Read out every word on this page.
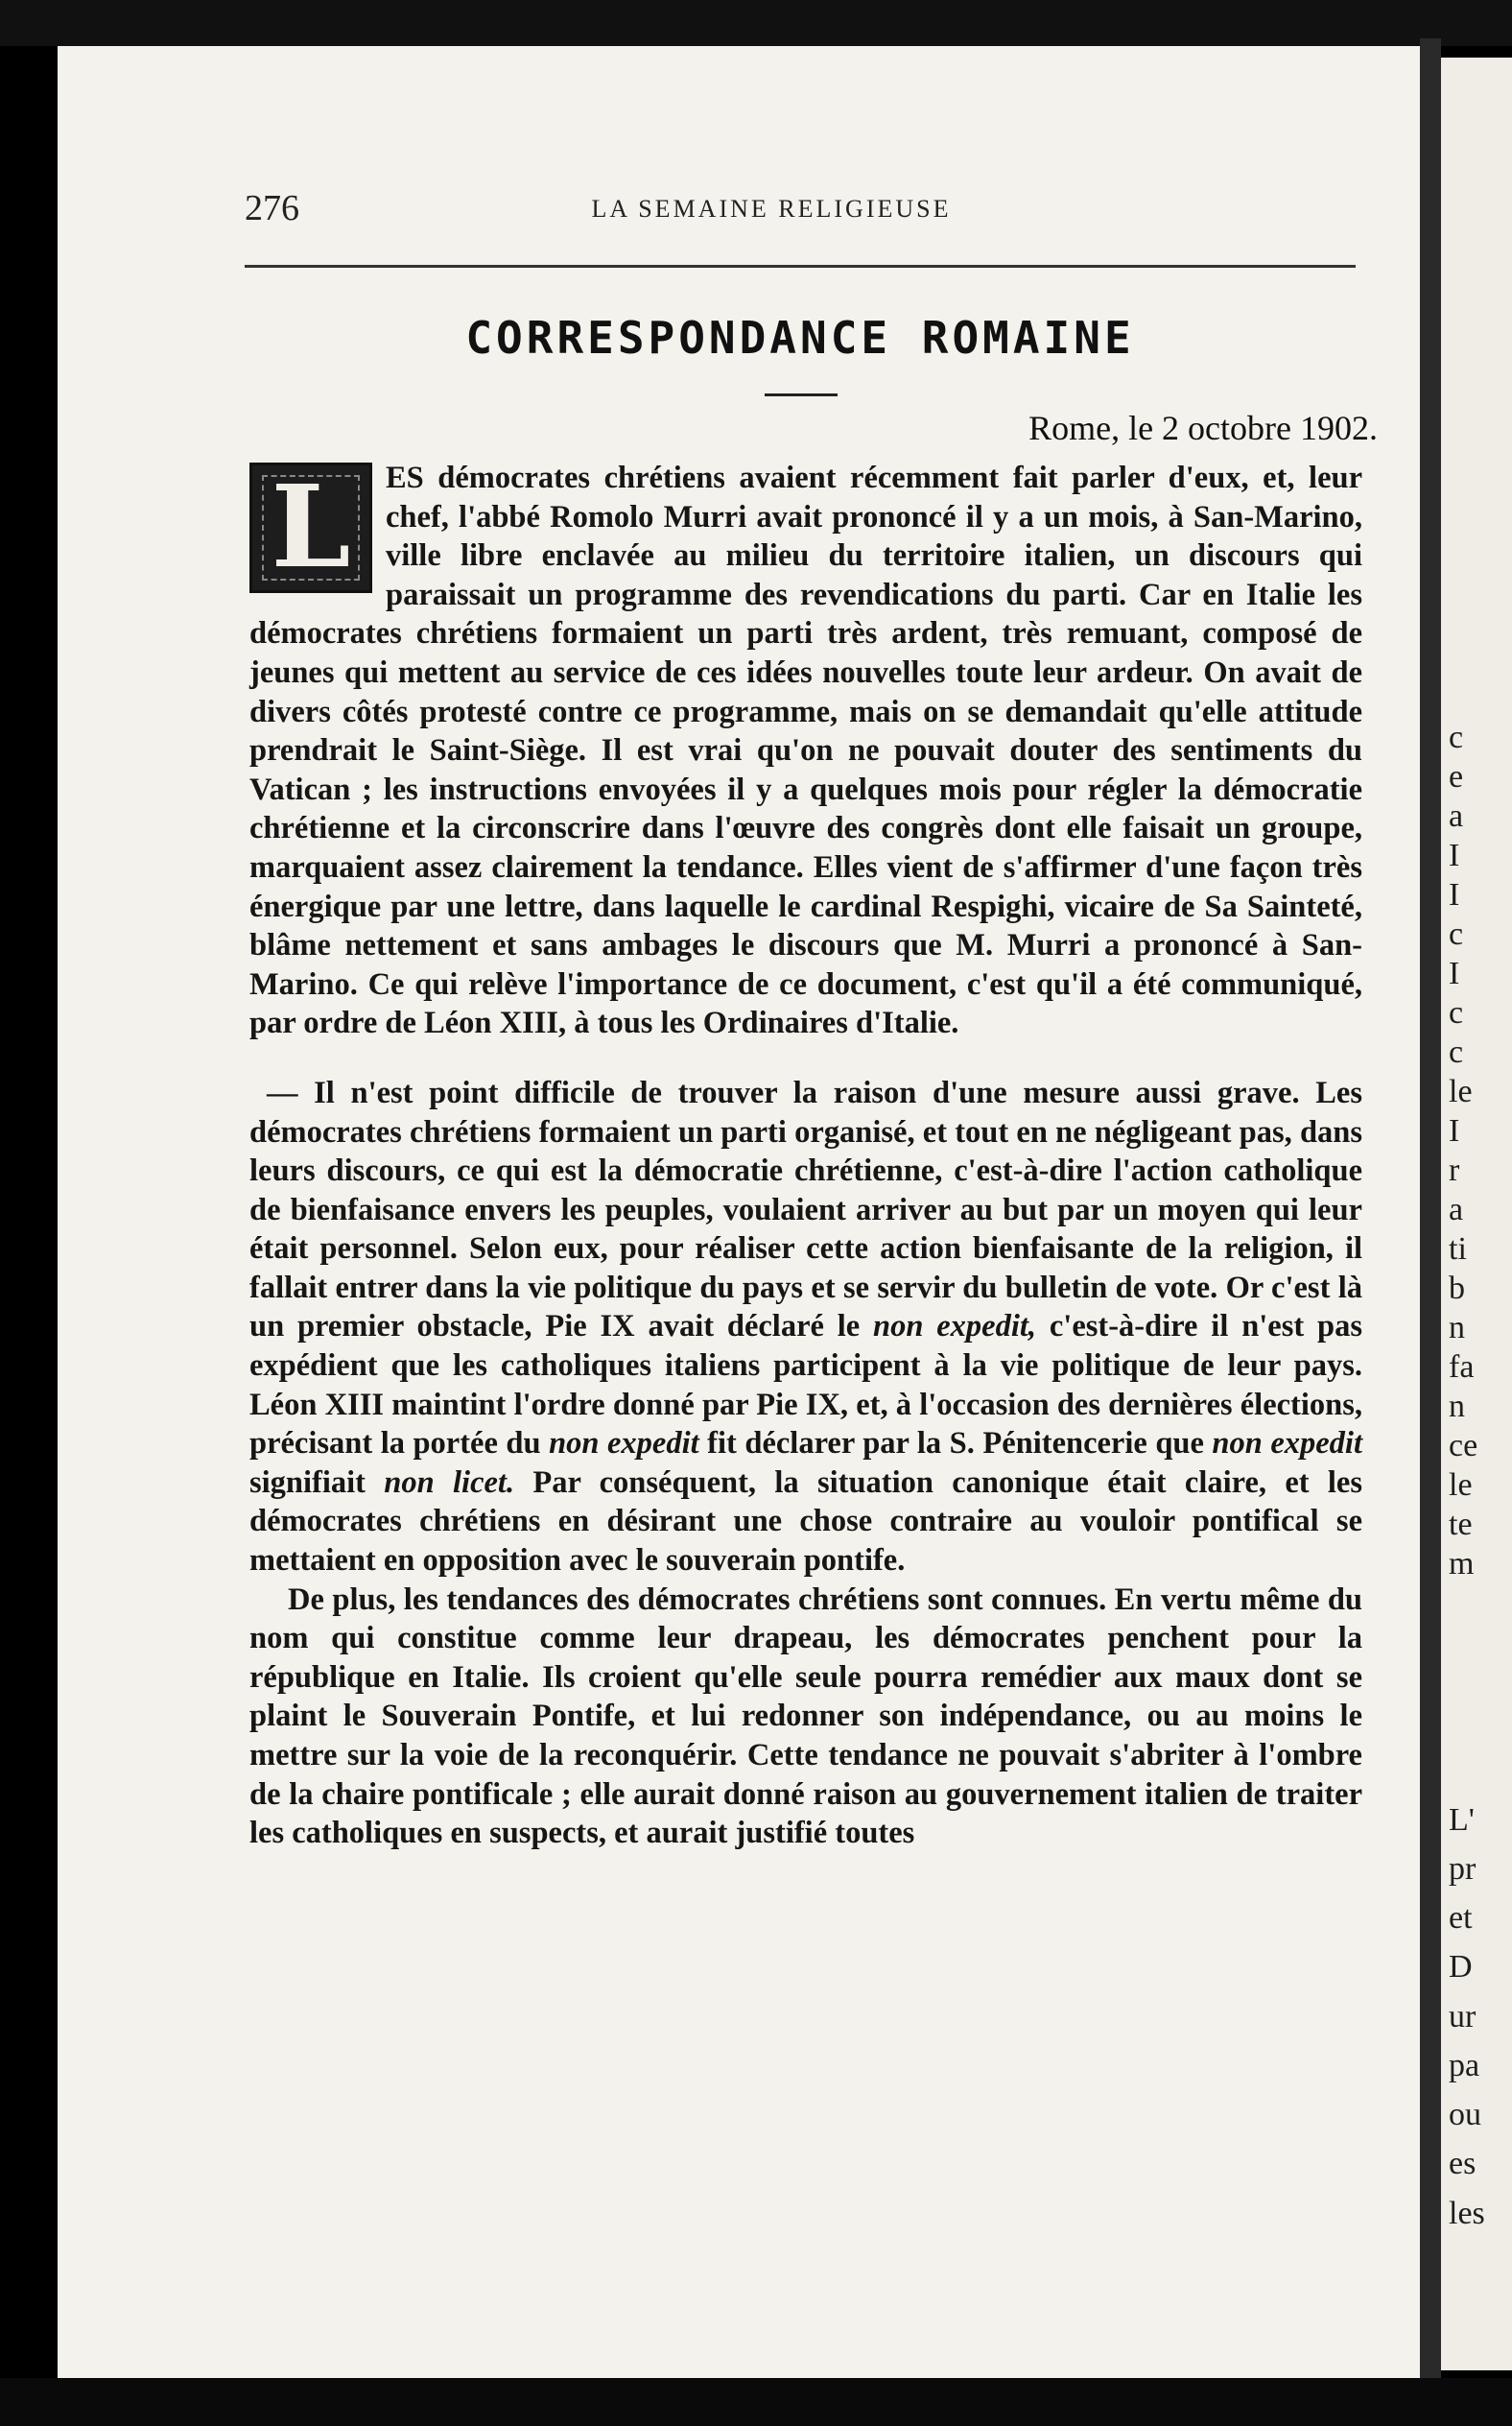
c
e
a
I
I
c
I
c
c
le
I
r
a
ti
b
n
fa
n
ce
le
te
m
L'
pr
et
D
ur
pa
ou
es
les
276	LA SEMAINE RELIGIEUSE
CORRESPONDANCE ROMAINE
Rome, le 2 octobre 1902.

L	ES démocrates chrétiens avaient récemment fait parler d'eux, et, leur chef, l'abbé Romolo Murri avait prononcé il y a un mois, à San-Marino, ville libre enclavée au milieu du territoire italien, un discours qui paraissait un programme des revendications du parti. Car en Italie les démocrates chrétiens formaient un parti très ardent, très remuant, composé de jeunes qui mettent au service de ces idées nouvelles toute leur ardeur. On avait de divers côtés protesté contre ce programme, mais on se demandait qu'elle attitude prendrait le Saint-Siège. Il est vrai qu'on ne pouvait douter des sentiments du Vatican ; les instructions envoyées il y a quelques mois pour régler la démocratie chrétienne et la circonscrire dans l'œuvre des congrès dont elle faisait un groupe, marquaient assez clairement la tendance. Elles vient de s'affirmer d'une façon très énergique par une lettre, dans laquelle le cardinal Respighi, vicaire de Sa Sainteté, blâme nettement et sans ambages le discours que M. Murri a prononcé à San-Marino. Ce qui relève l'importance de ce document, c'est qu'il a été communiqué, par ordre de Léon XIII, à tous les Ordinaires d'Italie.

— Il n'est point difficile de trouver la raison d'une mesure aussi grave. Les démocrates chrétiens formaient un parti organisé, et tout en ne négligeant pas, dans leurs discours, ce qui est la démocratie chrétienne, c'est-à-dire l'action catholique de bienfaisance envers les peuples, voulaient arriver au but par un moyen qui leur était personnel. Selon eux, pour réaliser cette action bienfaisante de la religion, il fallait entrer dans la vie politique du pays et se servir du bulletin de vote. Or c'est là un premier obstacle, Pie IX avait déclaré le non expedit, c'est-à-dire il n'est pas expédient que les catholiques italiens participent à la vie politique de leur pays. Léon XIII maintint l'ordre donné par Pie IX, et, à l'occasion des dernières élections, précisant la portée du non expedit fit déclarer par la S. Pénitencerie que non expedit signifiait non licet. Par conséquent, la situation canonique était claire, et les démocrates chrétiens en désirant une chose contraire au vouloir pontifical se mettaient en opposition avec le souverain pontife.

De plus, les tendances des démocrates chrétiens sont connues. En vertu même du nom qui constitue comme leur drapeau, les démocrates penchent pour la république en Italie. Ils croient qu'elle seule pourra remédier aux maux dont se plaint le Souverain Pontife, et lui redonner son indépendance, ou au moins le mettre sur la voie de la reconquérir. Cette tendance ne pouvait s'abriter à l'ombre de la chaire pontificale ; elle aurait donné raison au gouvernement italien de traiter les catholiques en suspects, et aurait justifié toutes
